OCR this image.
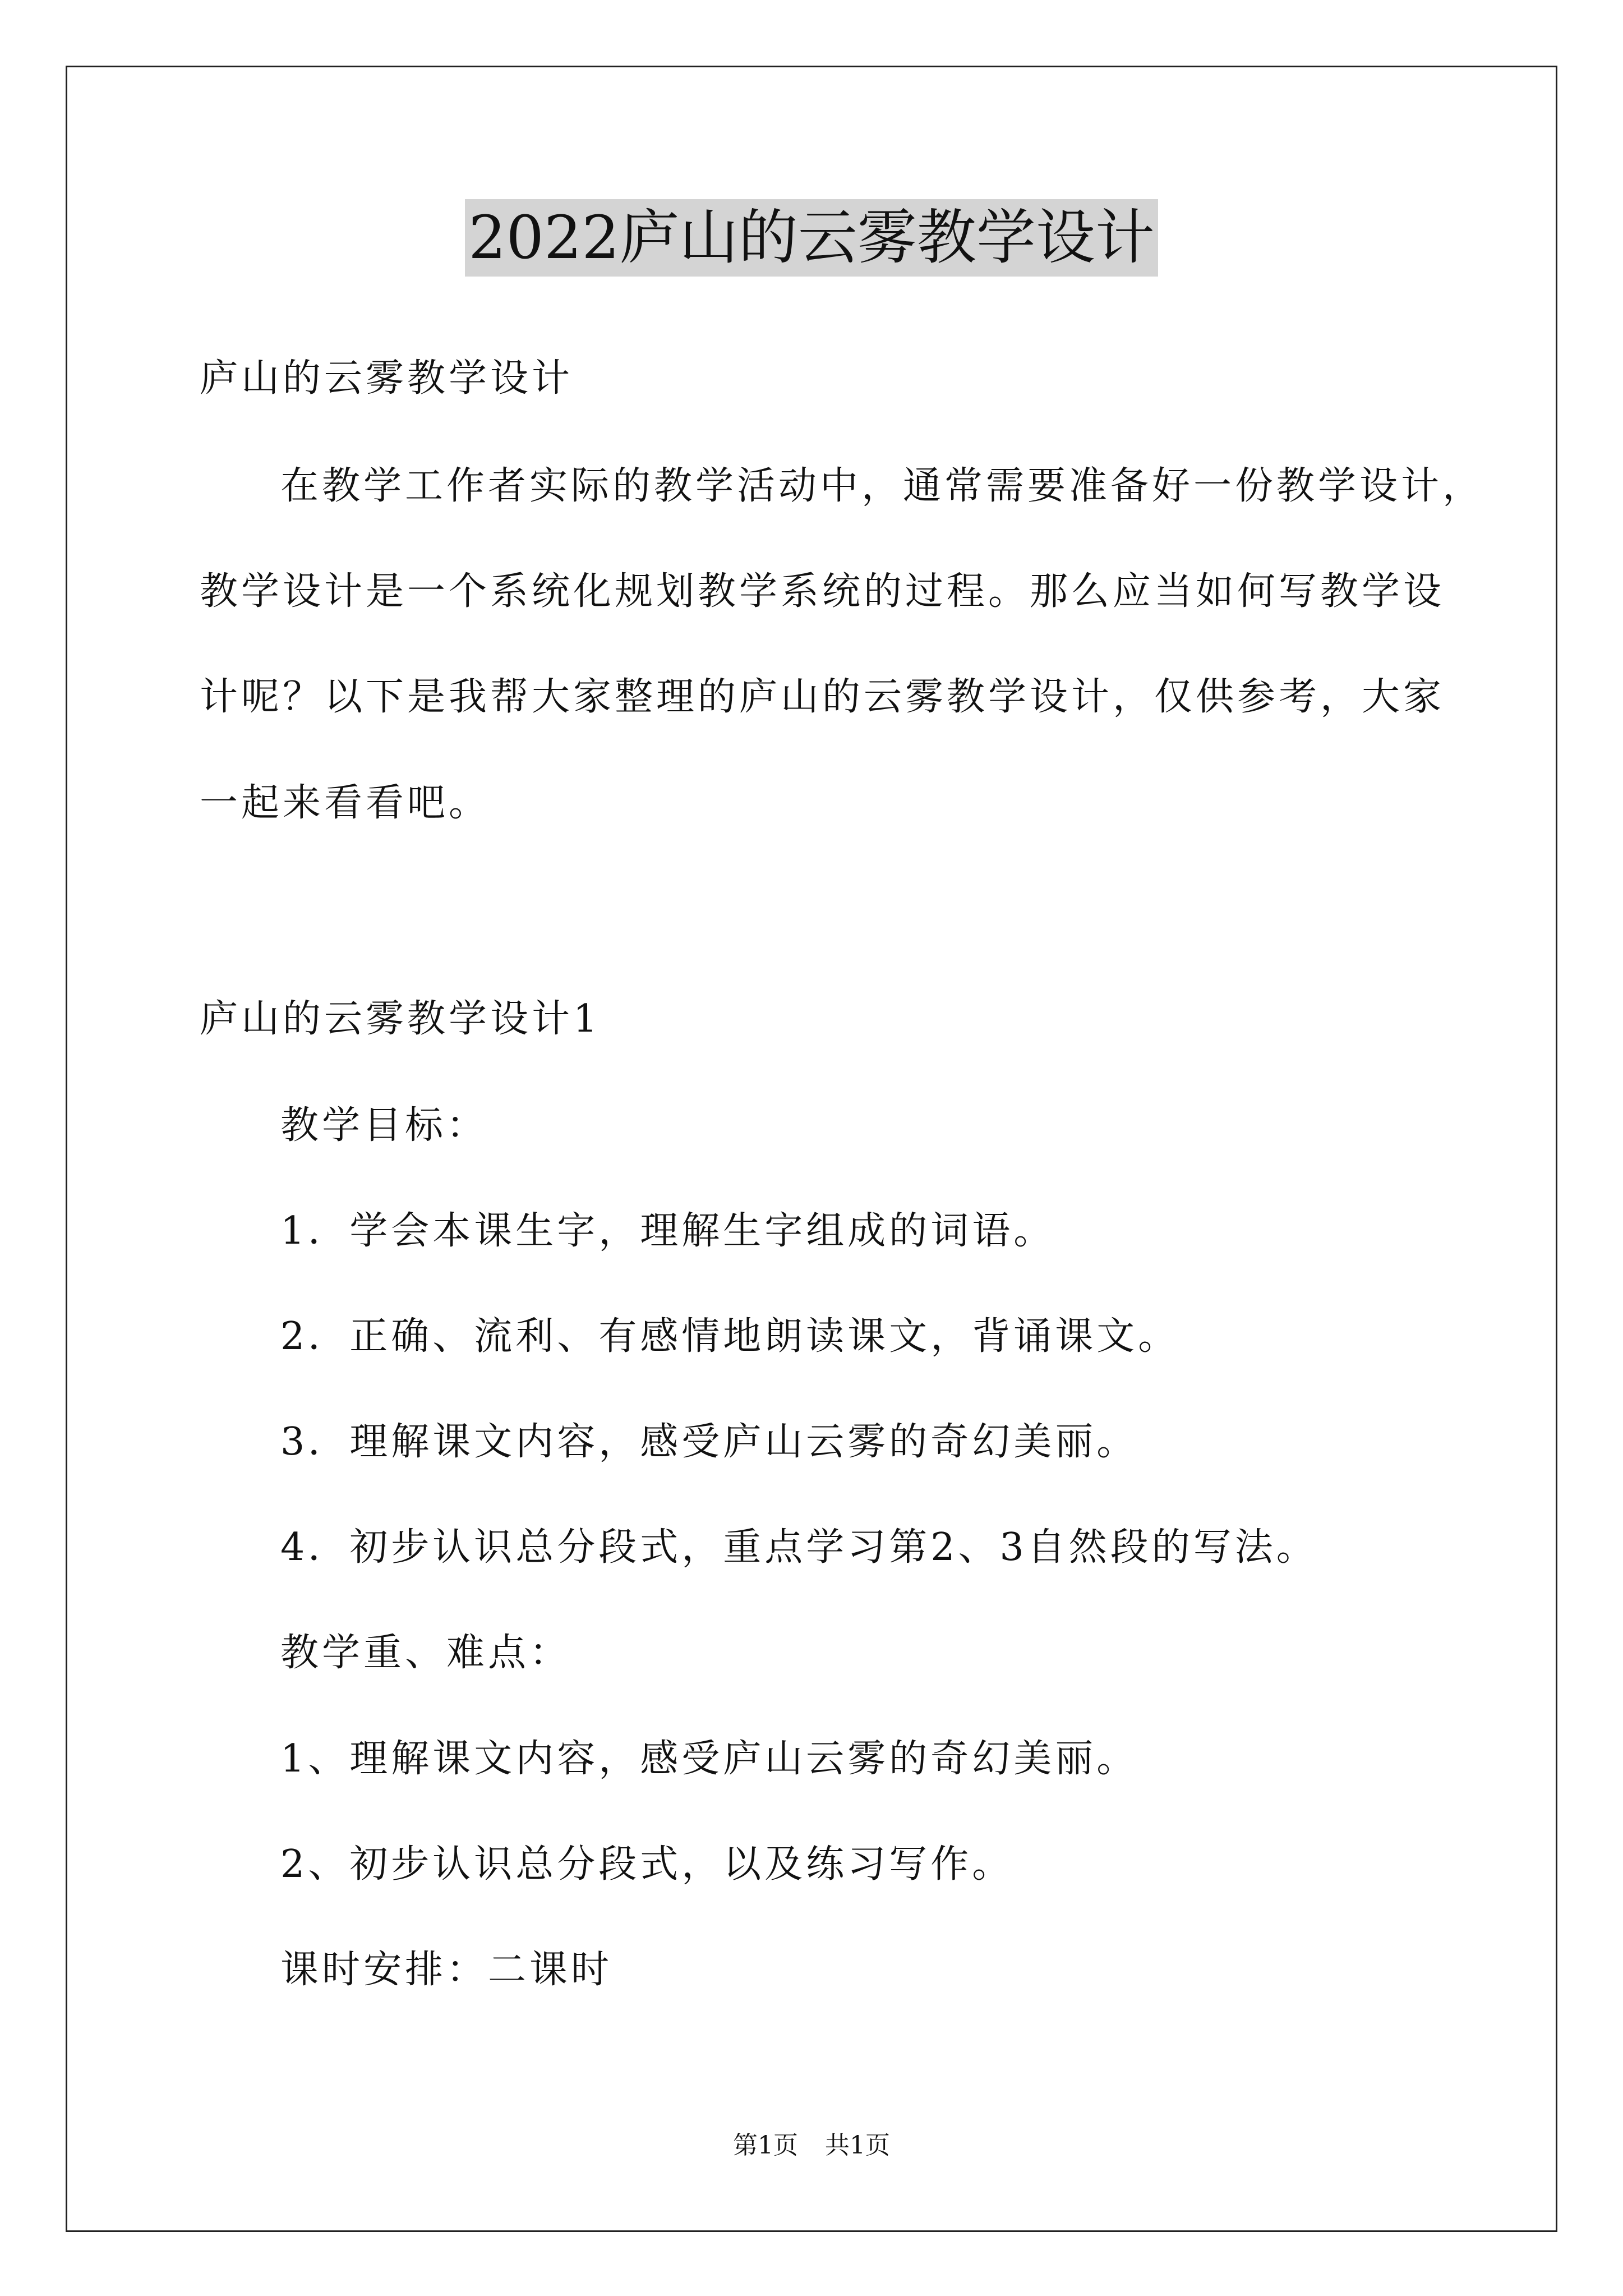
2022庐山的云雾教学设计
庐山的云雾教学设计
在教学工作者实际的教学活动中，通常需要准备好一份教学设计，
教学设计是一个系统化规划教学系统的过程。那么应当如何写教学设
计呢？以下是我帮大家整理的庐山的云雾教学设计，仅供参考，大家
一起来看看吧。
庐山的云雾教学设计1
教学目标：
1．学会本课生字，理解生字组成的词语。
2．正确、流利、有感情地朗读课文，背诵课文。
3．理解课文内容，感受庐山云雾的奇幻美丽。
4．初步认识总分段式，重点学习第2、3自然段的写法。
教学重、难点：
1、理解课文内容，感受庐山云雾的奇幻美丽。
2、初步认识总分段式，以及练习写作。
课时安排：二课时
第1页 共1页
